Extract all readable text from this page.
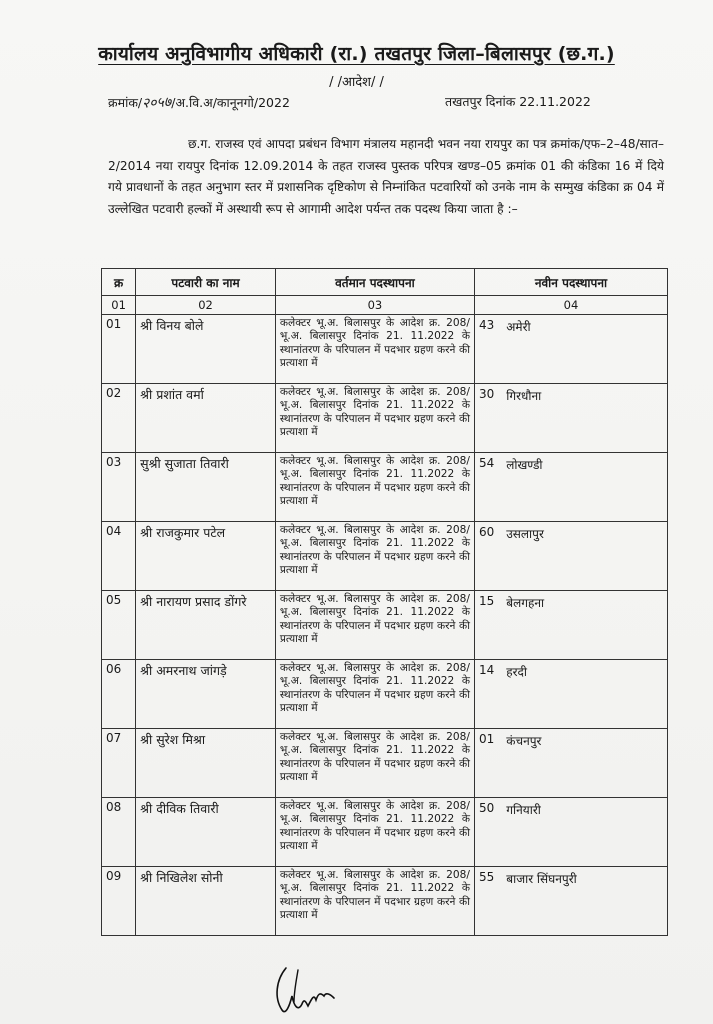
कार्यालय अनुविभागीय अधिकारी (रा.) तखतपुर जिला–बिलासपुर (छ.ग.)
/ /आदेश/ /
क्रमांक/२०५७/अ.वि.अ/कानूनगो/2022	तखतपुर दिनांक 22.11.2022

छ.ग. राजस्व एवं आपदा प्रबंधन विभाग मंत्रालय महानदी भवन नया रायपुर का पत्र क्रमांक/एफ–2–48/सात–2/2014 नया रायपुर दिनांक 12.09.2014 के तहत राजस्व पुस्तक परिपत्र खण्ड–05 क्रमांक 01 की कंडिका 16 में दिये गये प्रावधानों के तहत अनुभाग स्तर में प्रशासनिक दृष्टिकोण से निम्नांकित पटवारियों को उनके नाम के सम्मुख कंडिका क्र 04 में उल्लेखित पटवारी हल्कों में अस्थायी रूप से आगामी आदेश पर्यन्त तक पदस्थ किया जाता है :–

क्र	पटवारी का नाम	वर्तमान पदस्थापना	नवीन पदस्थापना
01	02	03	04
01	श्री विनय बोले	कलेक्टर भू.अ. बिलासपुर के आदेश क्र. 208/भू.अ. बिलासपुर दिनांक 21. 11.2022 के स्थानांतरण के परिपालन में पदभार ग्रहण करने की प्रत्याशा में	43 अमेरी

02	श्री प्रशांत वर्मा	कलेक्टर भू.अ. बिलासपुर के आदेश क्र. 208/भू.अ. बिलासपुर दिनांक 21. 11.2022 के स्थानांतरण के परिपालन में पदभार ग्रहण करने की प्रत्याशा में	30 गिरधौना

03	सुश्री सुजाता तिवारी	कलेक्टर भू.अ. बिलासपुर के आदेश क्र. 208/भू.अ. बिलासपुर दिनांक 21. 11.2022 के स्थानांतरण के परिपालन में पदभार ग्रहण करने की प्रत्याशा में	54 लोखण्डी

04	श्री राजकुमार पटेल	कलेक्टर भू.अ. बिलासपुर के आदेश क्र. 208/भू.अ. बिलासपुर दिनांक 21. 11.2022 के स्थानांतरण के परिपालन में पदभार ग्रहण करने की प्रत्याशा में	60 उसलापुर

05	श्री नारायण प्रसाद डोंगरे	कलेक्टर भू.अ. बिलासपुर के आदेश क्र. 208/भू.अ. बिलासपुर दिनांक 21. 11.2022 के स्थानांतरण के परिपालन में पदभार ग्रहण करने की प्रत्याशा में	15 बेलगहना

06	श्री अमरनाथ जांगड़े	कलेक्टर भू.अ. बिलासपुर के आदेश क्र. 208/भू.अ. बिलासपुर दिनांक 21. 11.2022 के स्थानांतरण के परिपालन में पदभार ग्रहण करने की प्रत्याशा में	14 हरदी

07	श्री सुरेश मिश्रा	कलेक्टर भू.अ. बिलासपुर के आदेश क्र. 208/भू.अ. बिलासपुर दिनांक 21. 11.2022 के स्थानांतरण के परिपालन में पदभार ग्रहण करने की प्रत्याशा में	01 कंचनपुर

08	श्री दीविक तिवारी	कलेक्टर भू.अ. बिलासपुर के आदेश क्र. 208/भू.अ. बिलासपुर दिनांक 21. 11.2022 के स्थानांतरण के परिपालन में पदभार ग्रहण करने की प्रत्याशा में	50 गनियारी

09	श्री निखिलेश सोनी	कलेक्टर भू.अ. बिलासपुर के आदेश क्र. 208/भू.अ. बिलासपुर दिनांक 21. 11.2022 के स्थानांतरण के परिपालन में पदभार ग्रहण करने की प्रत्याशा में	55 बाजार सिंघनपुरी
